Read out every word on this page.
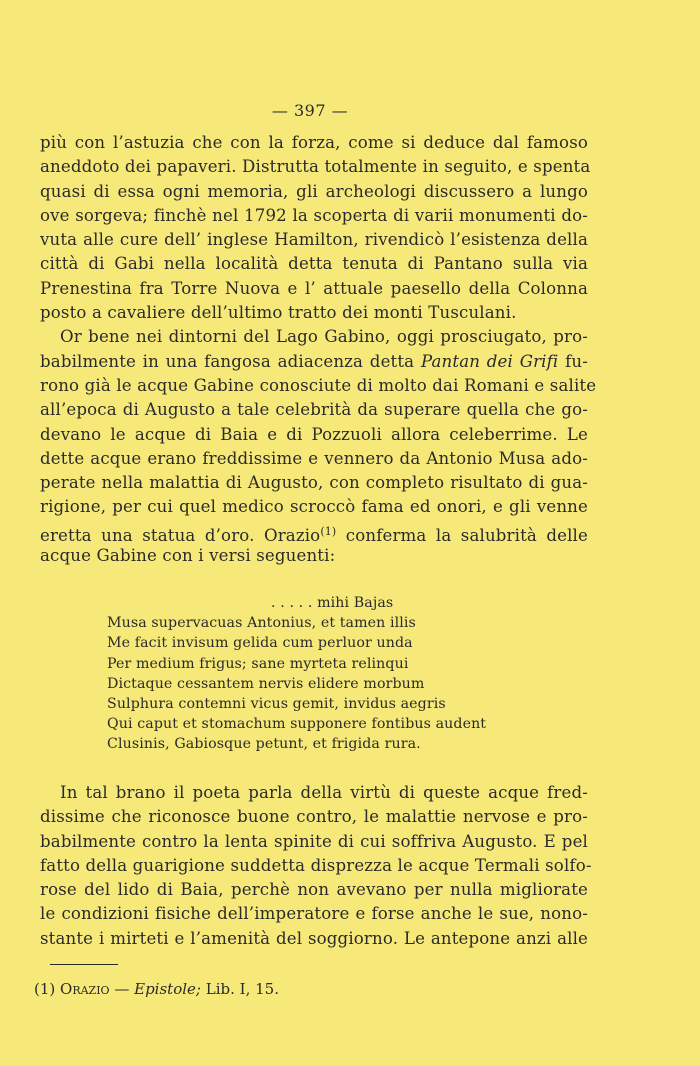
— 397 —
più con l’astuzia che con la forza, come si deduce dal famoso
aneddoto dei papaveri. Distrutta totalmente in seguito, e spenta
quasi di essa ogni memoria, gli archeologi discussero a lungo
ove sorgeva; finchè nel 1792 la scoperta di varii monumenti do-
vuta alle cure dell’ inglese Hamilton, rivendicò l’esistenza della
città di Gabi nella località detta tenuta di Pantano sulla via
Prenestina fra Torre Nuova e l’ attuale paesello della Colonna
posto a cavaliere dell’ultimo tratto dei monti Tusculani.
Or bene nei dintorni del Lago Gabino, oggi prosciugato, pro-
babilmente in una fangosa adiacenza detta Pantan dei Grifi fu-
rono già le acque Gabine conosciute di molto dai Romani e salite
all’epoca di Augusto a tale celebrità da superare quella che go-
devano le acque di Baia e di Pozzuoli allora celeberrime. Le
dette acque erano freddissime e vennero da Antonio Musa ado-
perate nella malattia di Augusto, con completo risultato di gua-
rigione, per cui quel medico scroccò fama ed onori, e gli venne
eretta una statua d’oro. Orazio$^{(1)}$ conferma la salubrità delle
acque Gabine con i versi seguenti:
. . . . . mihi Bajas
Musa supervacuas Antonius, et tamen illis
Me facit invisum gelida cum perluor unda
Per medium frigus; sane myrteta relinqui
Dictaque cessantem nervis elidere morbum
Sulphura contemni vicus gemit, invidus aegris
Qui caput et stomachum supponere fontibus audent
Clusinis, Gabiosque petunt, et frigida rura.
In tal brano il poeta parla della virtù di queste acque fred-
dissime che riconosce buone contro, le malattie nervose e pro-
babilmente contro la lenta spinite di cui soffriva Augusto. E pel
fatto della guarigione suddetta disprezza le acque Termali solfo-
rose del lido di Baia, perchè non avevano per nulla migliorate
le condizioni fisiche dell’imperatore e forse anche le sue, nono-
stante i mirteti e l’amenità del soggiorno. Le antepone anzi alle
(1) Orazio — Epistole; Lib. I, 15.
